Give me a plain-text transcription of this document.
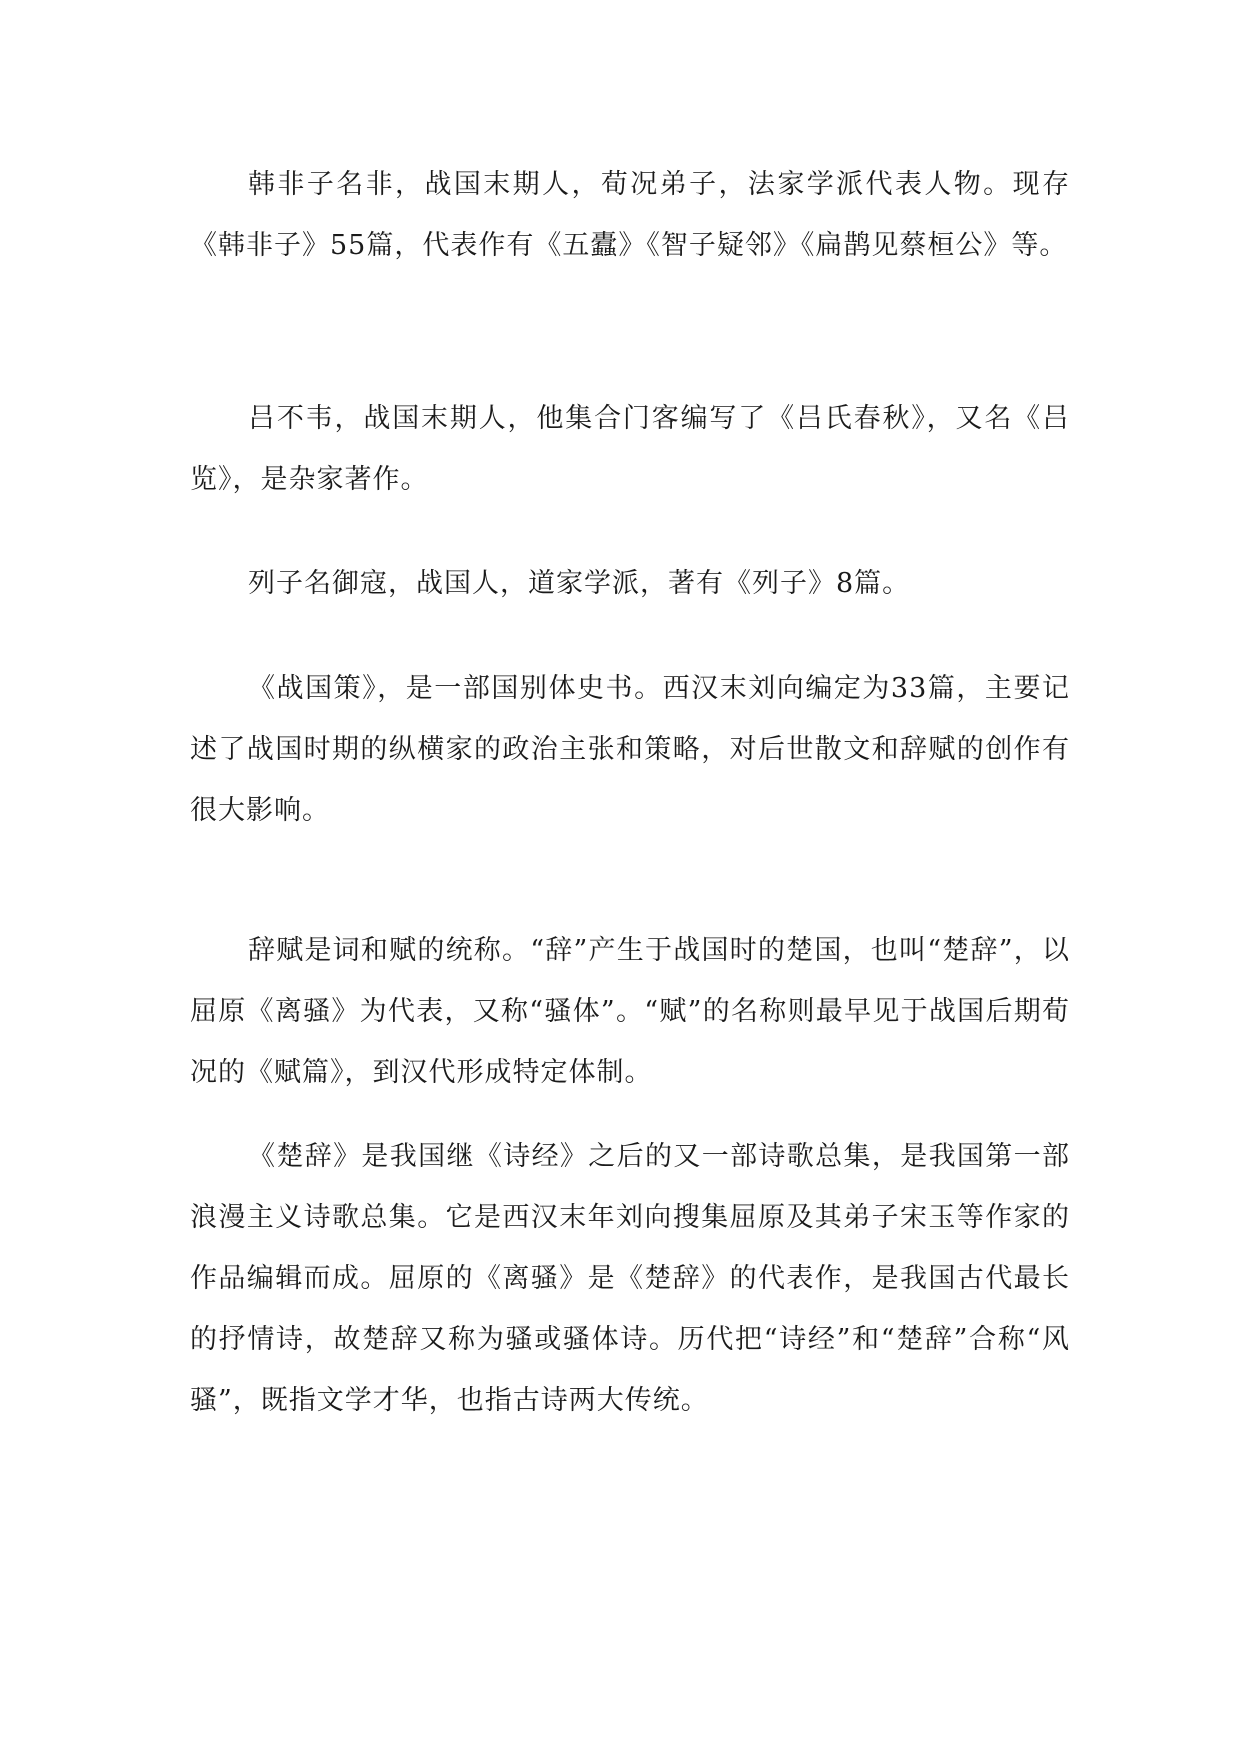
韩非子名非，战国末期人，荀况弟子，法家学派代表人物。现存《韩非子》55篇，代表作有《五蠹》《智子疑邻》《扁鹊见蔡桓公》等。

吕不韦，战国末期人，他集合门客编写了《吕氏春秋》，又名《吕览》，是杂家著作。

列子名御寇，战国人，道家学派，著有《列子》8篇。

《战国策》，是一部国别体史书。西汉末刘向编定为33篇，主要记述了战国时期的纵横家的政治主张和策略，对后世散文和辞赋的创作有很大影响。

辞赋是词和赋的统称。“辞”产生于战国时的楚国，也叫“楚辞”，以屈原《离骚》为代表，又称“骚体”。“赋”的名称则最早见于战国后期荀况的《赋篇》，到汉代形成特定体制。

《楚辞》是我国继《诗经》之后的又一部诗歌总集，是我国第一部浪漫主义诗歌总集。它是西汉末年刘向搜集屈原及其弟子宋玉等作家的作品编辑而成。屈原的《离骚》是《楚辞》的代表作，是我国古代最长的抒情诗，故楚辞又称为骚或骚体诗。历代把“诗经”和“楚辞”合称“风骚”，既指文学才华，也指古诗两大传统。
